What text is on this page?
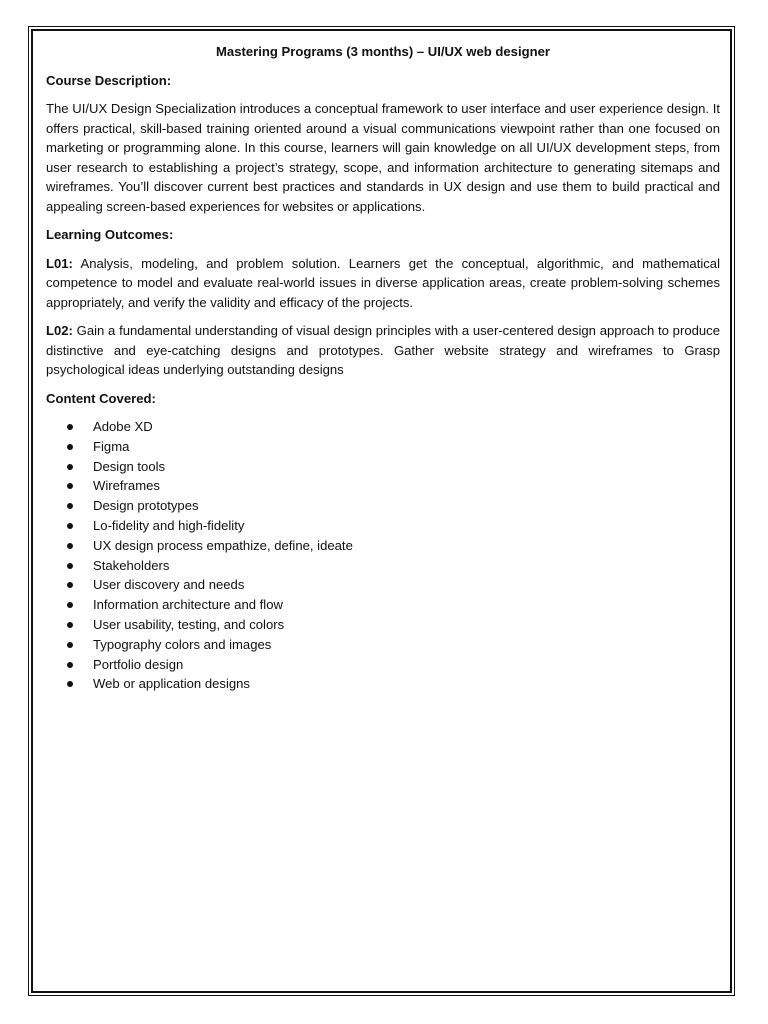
Mastering Programs (3 months) – UI/UX web designer
Course Description:
The UI/UX Design Specialization introduces a conceptual framework to user interface and user experience design. It offers practical, skill-based training oriented around a visual communications viewpoint rather than one focused on marketing or programming alone. In this course, learners will gain knowledge on all UI/UX development steps, from user research to establishing a project’s strategy, scope, and information architecture to generating sitemaps and wireframes. You’ll discover current best practices and standards in UX design and use them to build practical and appealing screen-based experiences for websites or applications.
Learning Outcomes:
L01: Analysis, modeling, and problem solution. Learners get the conceptual, algorithmic, and mathematical competence to model and evaluate real-world issues in diverse application areas, create problem-solving schemes appropriately, and verify the validity and efficacy of the projects.
L02: Gain a fundamental understanding of visual design principles with a user-centered design approach to produce distinctive and eye-catching designs and prototypes. Gather website strategy and wireframes to Grasp psychological ideas underlying outstanding designs
Content Covered:
Adobe XD
Figma
Design tools
Wireframes
Design prototypes
Lo-fidelity and high-fidelity
UX design process empathize, define, ideate
Stakeholders
User discovery and needs
Information architecture and flow
User usability, testing, and colors
Typography colors and images
Portfolio design
Web or application designs
